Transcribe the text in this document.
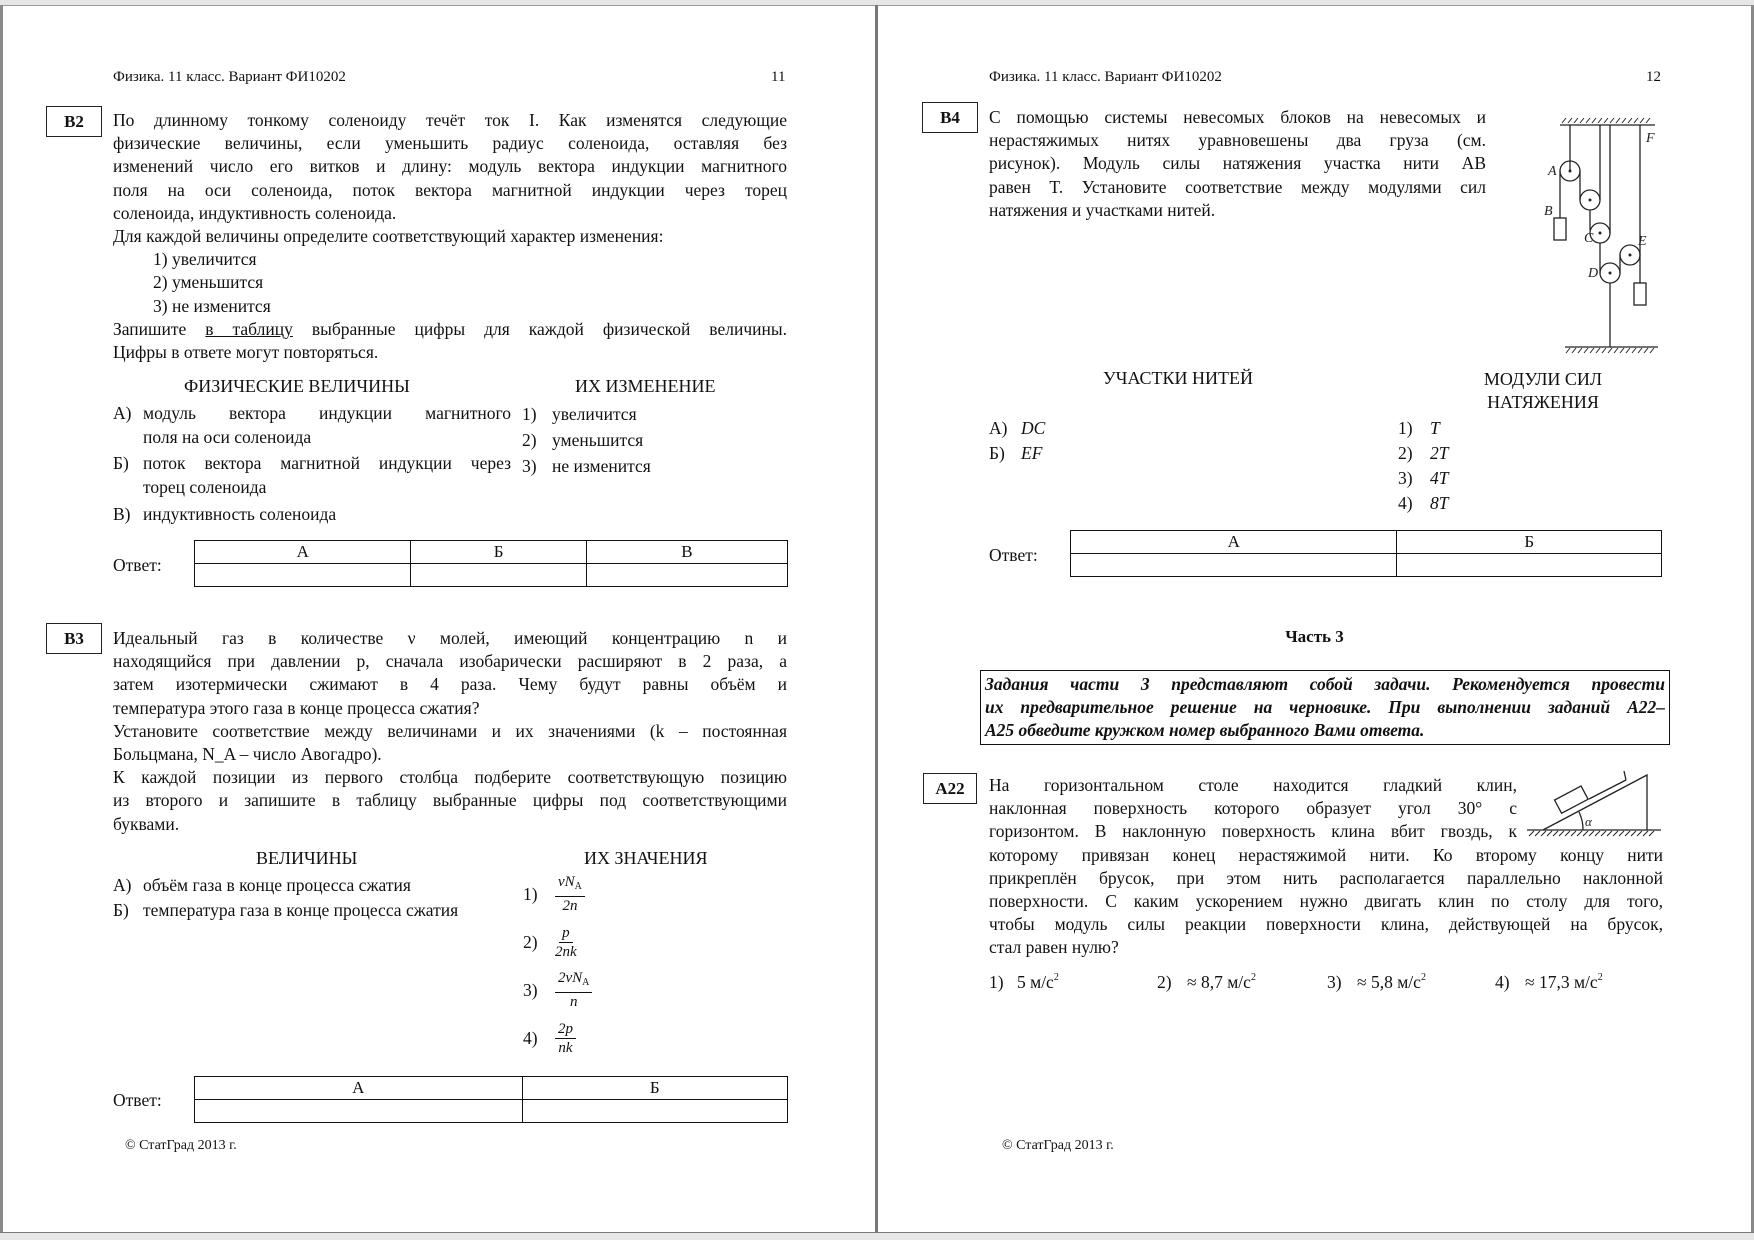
Физика. 11 класс. Вариант ФИ10202	11
B2	По длинному тонкому соленоиду течёт ток I. Как изменятся следующие
физические величины, если уменьшить радиус соленоида, оставляя без
изменений число его витков и длину: модуль вектора индукции магнитного
поля на оси соленоида, поток вектора магнитной индукции через торец
соленоида, индуктивность соленоида.
Для каждой величины определите соответствующий характер изменения:
1) увеличится
2) уменьшится
3) не изменится
Запишите в таблицу выбранные цифры для каждой физической величины.
Цифры в ответе могут повторяться.
ФИЗИЧЕСКИЕ ВЕЛИЧИНЫ	ИХ ИЗМЕНЕНИЕ
А) модуль вектора индукции магнитного
поля на оси соленоида
Б) поток вектора магнитной индукции через
торец соленоида
В) индуктивность соленоида
1) увеличится
2) уменьшится
3) не изменится
Ответ:
А	Б	В

B3	Идеальный газ в количестве ν молей, имеющий концентрацию n и
находящийся при давлении p, сначала изобарически расширяют в 2 раза, а
затем изотермически сжимают в 4 раза. Чему будут равны объём и
температура этого газа в конце процесса сжатия?
Установите соответствие между величинами и их значениями (k – постоянная
Больцмана, N_A – число Авогадро).
К каждой позиции из первого столбца подберите соответствующую позицию
из второго и запишите в таблицу выбранные цифры под соответствующими
буквами.
ВЕЛИЧИНЫ	ИХ ЗНАЧЕНИЯ
А) объём газа в конце процесса сжатия
Б) температура газа в конце процесса сжатия
1)	$\frac{\nu N_A}{2n}$
2)	$\frac{p}{2nk}$
3)	$\frac{2\nu N_A}{n}$
4)	$\frac{2p}{nk}$
Ответ:
А	Б

© СтатГрад 2013 г.
Физика. 11 класс. Вариант ФИ10202	12
B4	С помощью системы невесомых блоков на невесомых и
нерастяжимых нитях уравновешены два груза (см.
рисунок). Модуль силы натяжения участка нити AB
равен T. Установите соответствие между модулями сил
натяжения и участками нитей.
A
B
C
D
E
F
УЧАСТКИ НИТЕЙ	МОДУЛИ СИЛ
НАТЯЖЕНИЯ
А) DC
Б) EF
1) T
2) 2T
3) 4T
4) 8T
Ответ:
А	Б

Часть 3
Задания части 3 представляют собой задачи. Рекомендуется провести
их предварительное решение на черновике. При выполнении заданий А22–
А25 обведите кружком номер выбранного Вами ответа.
A22	На горизонтальном столе находится гладкий клин,
наклонная поверхность которого образует угол 30° с
горизонтом. В наклонную поверхность клина вбит гвоздь, к
которому привязан конец нерастяжимой нити. Ко второму концу нити
прикреплён брусок, при этом нить располагается параллельно наклонной
поверхности. С каким ускорением нужно двигать клин по столу для того,
чтобы модуль силы реакции поверхности клина, действующей на брусок,
стал равен нулю?
α
1) 5 $м/с^2$	2) ≈ 8,7 $м/с^2$	3) ≈ 5,8 $м/с^2$	4) ≈ 17,3 $м/с^2$
© СтатГрад 2013 г.
